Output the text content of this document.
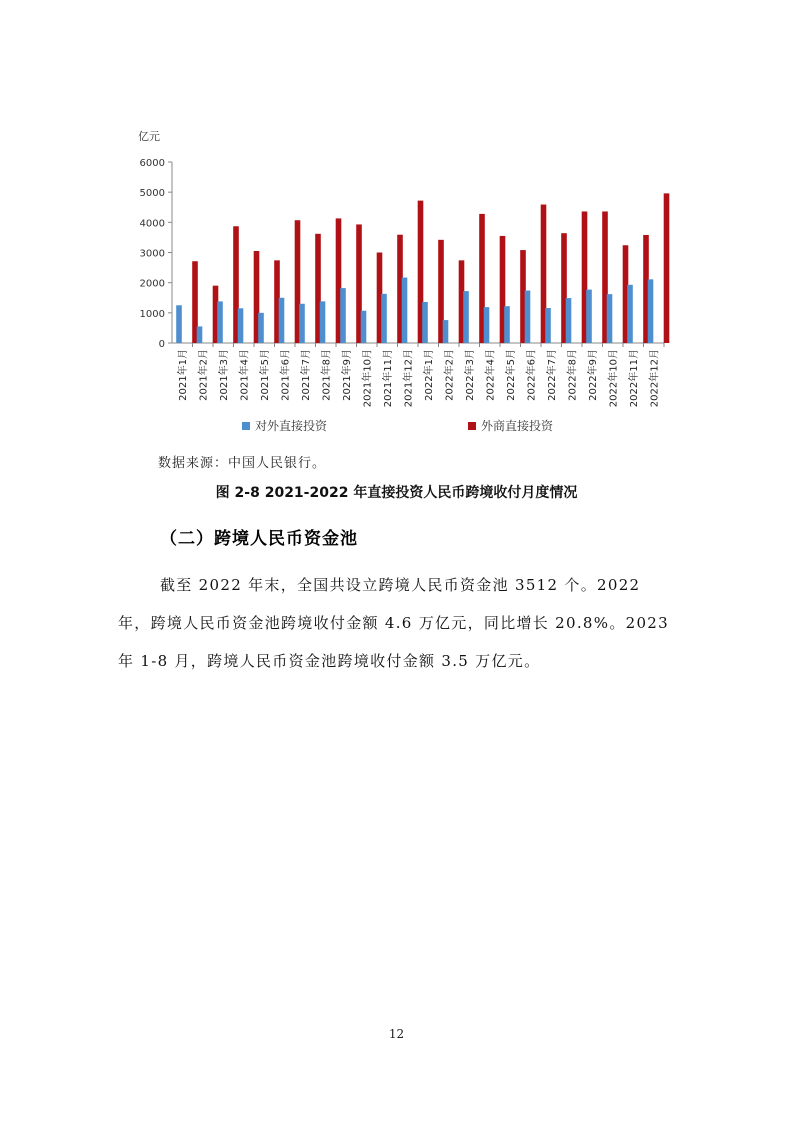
亿元
0
1000
2000
3000
4000
5000
6000
2021年1月 2021年2月 2021年3月 2021年4月 2021年5月 2021年6月 2021年7月 2021年8月 2021年9月 2021年10月 2021年11月 2021年12月 2022年1月 2022年2月 2022年3月 2022年4月 2022年5月 2022年6月 2022年7月 2022年8月 2022年9月 2022年10月 2022年11月 2022年12月
对外直接投资	外商直接投资
数据来源：中国人民银行。
图 2-8 2021-2022 年直接投资人民币跨境收付月度情况
（二）跨境人民币资金池
截至 2022 年末，全国共设立跨境人民币资金池 3512 个。2022 年，跨境人民币资金池跨境收付金额 4.6 万亿元，同比增长 20.8%。2023 年 1-8 月，跨境人民币资金池跨境收付金额 3.5 万亿元。
12
